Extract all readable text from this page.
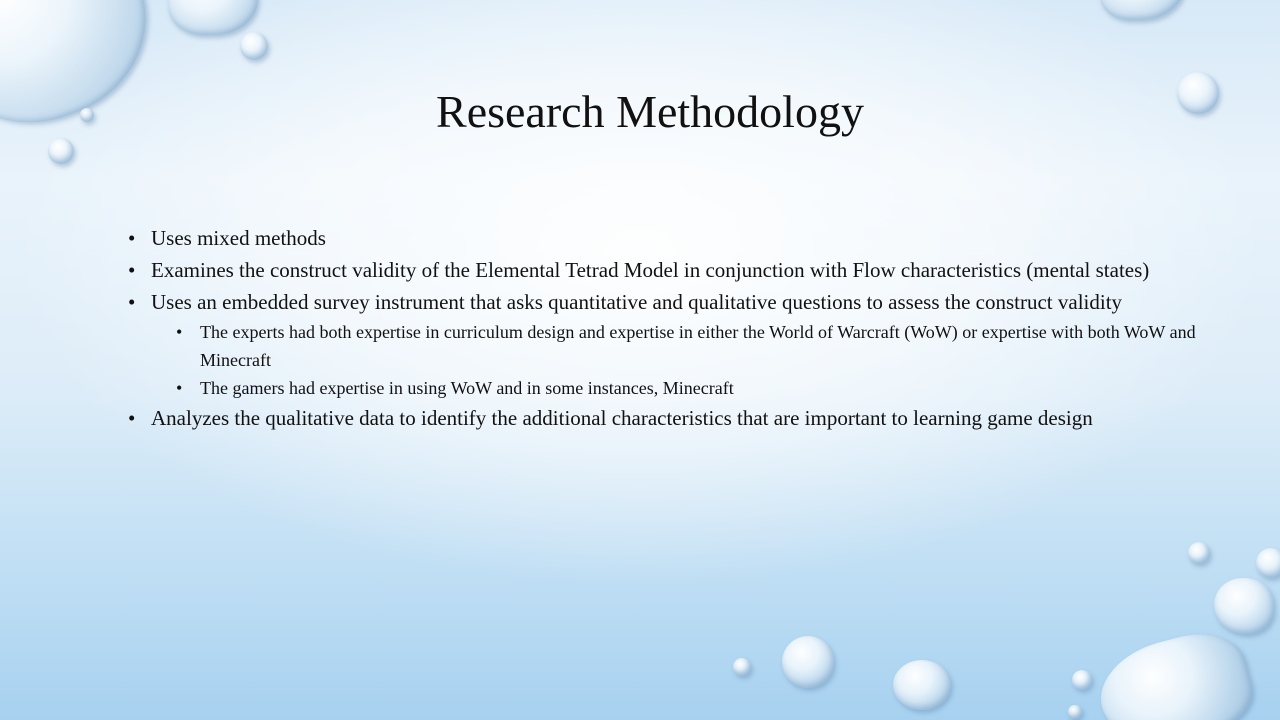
Research Methodology
• Uses mixed methods
• Examines the construct validity of the Elemental Tetrad Model in conjunction with Flow characteristics (mental states)
• Uses an embedded survey instrument that asks quantitative and qualitative questions to assess the construct validity
• The experts had both expertise in curriculum design and expertise in either the World of Warcraft (WoW) or expertise with both WoW and Minecraft
• The gamers had expertise in using WoW and in some instances, Minecraft
• Analyzes the qualitative data to identify the additional characteristics that are important to learning game design
